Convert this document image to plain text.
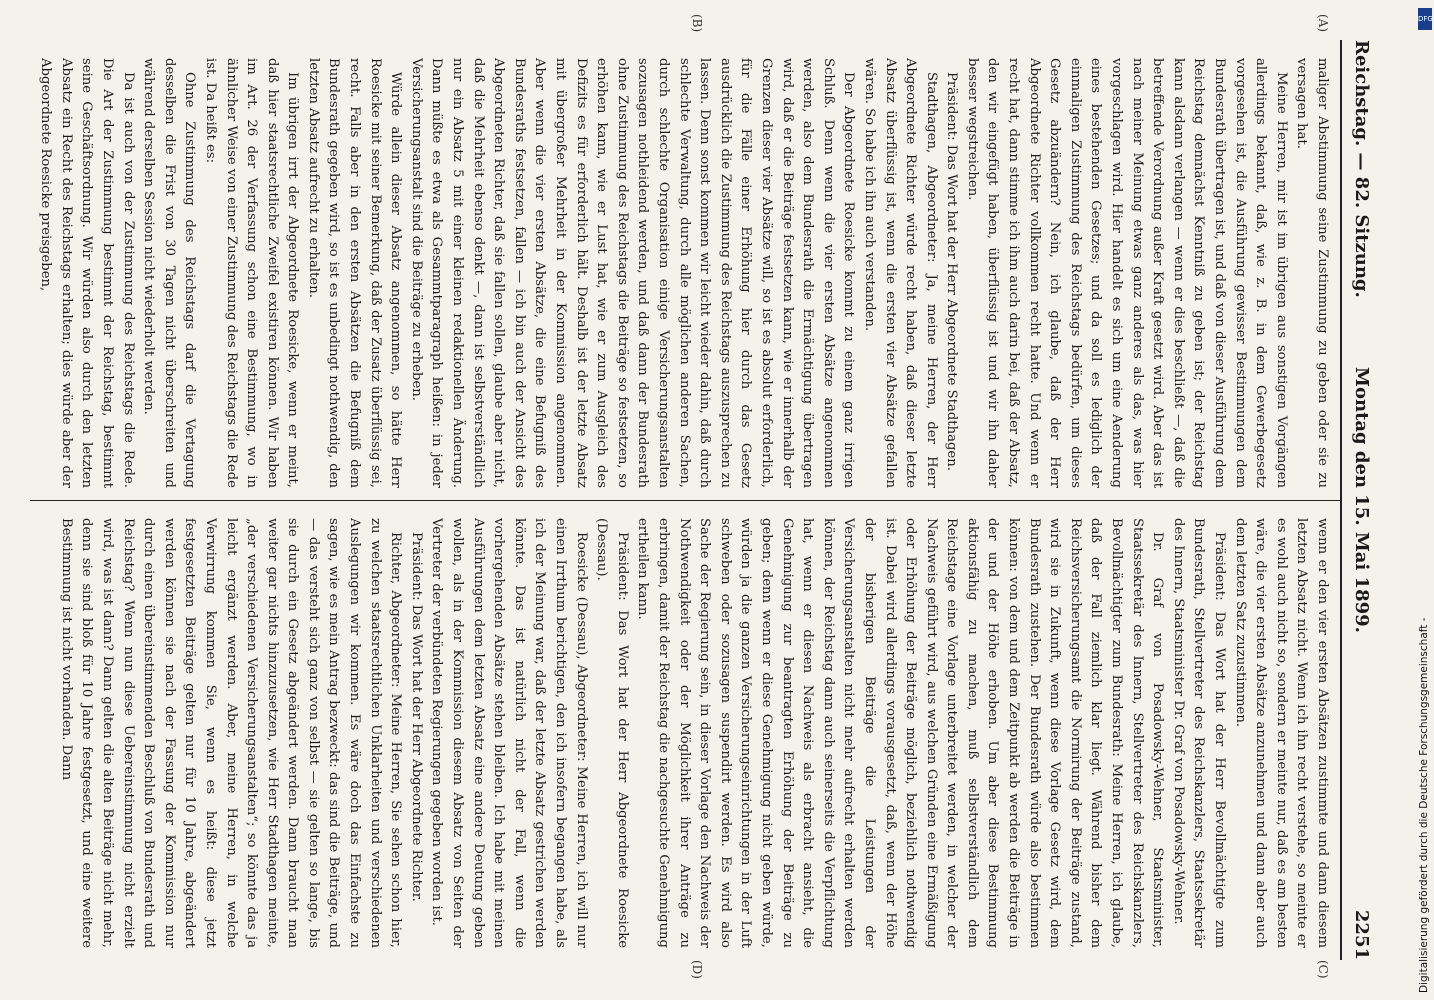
Reichstag. — 82. Sitzung.
Montag den 15. Mai 1899.
2251
(A)
(B)
(C)
(D)

maliger Abstimmung seine Zustimmung zu geben oder sie zu versagen hat.

Meine Herren, mir ist im übrigen aus sonstigen Vorgängen allerdings bekannt, daß, wie z. B. in dem Gewerbegesetz vorgesehen ist, die Ausführung gewisser Bestimmungen dem Bundesrath übertragen ist, und daß von dieser Ausführung dem Reichstag demnächst Kenntniß zu geben ist; der Reichstag kann alsdann verlangen — wenn er dies beschließt —, daß die betreffende Verordnung außer Kraft gesetzt wird. Aber das ist nach meiner Meinung etwas ganz anderes als das, was hier vorgeschlagen wird. Hier handelt es sich um eine Aenderung eines bestehenden Gesetzes; und da soll es lediglich der einmaligen Zustimmung des Reichstags bedürfen, um dieses Gesetz abzuändern? Nein, ich glaube, daß der Herr Abgeordnete Richter vollkommen recht hatte. Und wenn er recht hat, dann stimme ich ihm auch darin bei, daß der Absatz, den wir eingefügt haben, überflüssig ist und wir ihn daher besser wegstreichen.

Präsident: Das Wort hat der Herr Abgeordnete Stadthagen.

Stadthagen, Abgeordneter: Ja, meine Herren, der Herr Abgeordnete Richter würde recht haben, daß dieser letzte Absatz überflüssig ist, wenn die ersten vier Absätze gefallen wären. So habe ich ihn auch verstanden.

Der Abgeordnete Roesicke kommt zu einem ganz irrigen Schluß. Denn wenn die vier ersten Absätze angenommen werden, also dem Bundesrath die Ermächtigung übertragen wird, daß er die Beiträge festsetzen kann, wie er innerhalb der Grenzen dieser vier Absätze will, so ist es absolut erforderlich, für die Fälle einer Erhöhung hier durch das Gesetz ausdrücklich die Zustimmung des Reichstags auszusprechen zu lassen. Denn sonst kommen wir leicht wieder dahin, daß durch schlechte Verwaltung, durch alle möglichen anderen Sachen, durch schlechte Organisation einige Versicherungsanstalten sozusagen nothleidend werden, und daß dann der Bundesrath ohne Zustimmung des Reichstags die Beiträge so festsetzen, so erhöhen kann, wie er Lust hat, wie er zum Ausgleich des Defizits es für erforderlich hält. Deshalb ist der letzte Absatz mit übergroßer Mehrheit in der Kommission angenommen. Aber wenn die vier ersten Absätze, die eine Befugniß des Bundesraths festsetzen, fallen — ich bin auch der Ansicht des Abgeordneten Richter, daß sie fallen sollen, glaube aber nicht, daß die Mehrheit ebenso denkt —, dann ist selbstverständlich nur ein Absatz 5 mit einer kleinen redaktionellen Änderung. Dann müßte es etwa als Gesammtparagraph heißen: in jeder Versicherungsanstalt sind die Beiträge zu erheben.

Würde allein dieser Absatz angenommen, so hätte Herr Roesicke mit seiner Bemerkung, daß der Zusatz überflüssig sei, recht. Falls aber in den ersten Absätzen die Befugniß dem Bundesrath gegeben wird, so ist es unbedingt nothwendig, den letzten Absatz aufrecht zu erhalten.

Im übrigen irrt der Abgeordnete Roesicke, wenn er meint, daß hier staatsrechtliche Zweifel existiren können. Wir haben im Art. 26 der Verfassung schon eine Bestimmung, wo in ähnlicher Weise von einer Zustimmung des Reichstags die Rede ist. Da heißt es:

Ohne Zustimmung des Reichstags darf die Vertagung desselben die Frist von 30 Tagen nicht überschreiten und während derselben Session nicht wiederholt werden.

Da ist auch von der Zustimmung des Reichstags die Rede. Die Art der Zustimmung bestimmt der Reichstag, bestimmt seine Geschäftsordnung. Wir würden also durch den letzten Absatz ein Recht des Reichstags erhalten; dies würde aber der Abgeordnete Roesicke preisgeben,

wenn er den vier ersten Absätzen zustimmte und dann diesem letzten Absatz nicht. Wenn ich ihn recht verstehe, so meinte er es wohl auch nicht so, sondern er meinte nur, daß es am besten wäre, die vier ersten Absätze anzunehmen und dann aber auch dem letzten Satz zuzustimmen.

Präsident: Das Wort hat der Herr Bevollmächtigte zum Bundesrath, Stellvertreter des Reichskanzlers, Staatssekretär des Innern, Staatsminister Dr. Graf von Posadowsky-Wehner.

Dr. Graf von Posadowsky-Wehner, Staatsminister, Staatssekretär des Innern, Stellvertreter des Reichskanzlers, Bevollmächtigter zum Bundesrath: Meine Herren, ich glaube, daß der Fall ziemlich klar liegt. Während bisher dem Reichsversicherungsamt die Normirung der Beiträge zustand, wird sie in Zukunft, wenn diese Vorlage Gesetz wird, dem Bundesrath zustehen. Der Bundesrath würde also bestimmen können: von dem und dem Zeitpunkt ab werden die Beiträge in der und der Höhe erhoben. Um aber diese Bestimmung aktionsfähig zu machen, muß selbstverständlich dem Reichstage eine Vorlage unterbreitet werden, in welcher der Nachweis geführt wird, aus welchen Gründen eine Ermäßigung oder Erhöhung der Beiträge möglich, beziehlich nothwendig ist. Dabei wird allerdings vorausgesetzt, daß, wenn der Höhe der bisherigen Beiträge die Leistungen der Versicherungsanstalten nicht mehr aufrecht erhalten werden können, der Reichstag dann auch seinerseits die Verpflichtung hat, wenn er diesen Nachweis als erbracht ansieht, die Genehmigung zur beantragten Erhöhung der Beiträge zu geben; denn wenn er diese Genehmigung nicht geben würde, würden ja die ganzen Versicherungseinrichtungen in der Luft schweben oder sozusagen suspendirt werden. Es wird also Sache der Regierung sein, in dieser Vorlage den Nachweis der Nothwendigkeit oder der Möglichkeit ihrer Anträge zu erbringen, damit der Reichstag die nachgesuchte Genehmigung ertheilen kann.

Präsident: Das Wort hat der Herr Abgeordnete Roesicke (Dessau).

Roesicke (Dessau), Abgeordneter: Meine Herren, ich will nur einen Irrthum berichtigen, den ich insofern begangen habe, als ich der Meinung war, daß der letzte Absatz gestrichen werden könnte. Das ist natürlich nicht der Fall, wenn die vorhergehenden Absätze stehen bleiben. Ich habe mit meinen Ausführungen dem letzten Absatz eine andere Deutung geben wollen, als in der Kommission diesem Absatz von Seiten der Vertreter der verbündeten Regierungen gegeben worden ist.

Präsident: Das Wort hat der Herr Abgeordnete Richter.

Richter, Abgeordneter: Meine Herren, Sie sehen schon hier, zu welchen staatsrechtlichen Unklarheiten und verschiedenen Auslegungen wir kommen. Es wäre doch das Einfachste zu sagen, wie es mein Antrag bezweckt: das sind die Beiträge, und — das versteht sich ganz von selbst — sie gelten so lange, bis sie durch ein Gesetz abgeändert werden. Dann braucht man weiter gar nichts hinzuzusetzen, wie Herr Stadthagen meinte, „der verschiedenen Versicherungsanstalten“; so könnte das ja leicht ergänzt werden. Aber, meine Herren, in welche Verwirrung kommen Sie, wenn es heißt: diese jetzt festgesetzten Beiträge gelten nur für 10 Jahre, abgeändert werden können sie nach der Fassung der Kommission nur durch einen übereinstimmenden Beschluß von Bundesrath und Reichstag? Wenn nun diese Uebereinstimmung nicht erzielt wird, was ist dann? Dann gelten die alten Beiträge nicht mehr, denn sie sind bloß für 10 Jahre festgesetzt, und eine weitere Bestimmung ist nicht vorhanden. Dann

DFG
Digitalisierung gefördert durch die Deutsche Forschungsgemeinschaft -
